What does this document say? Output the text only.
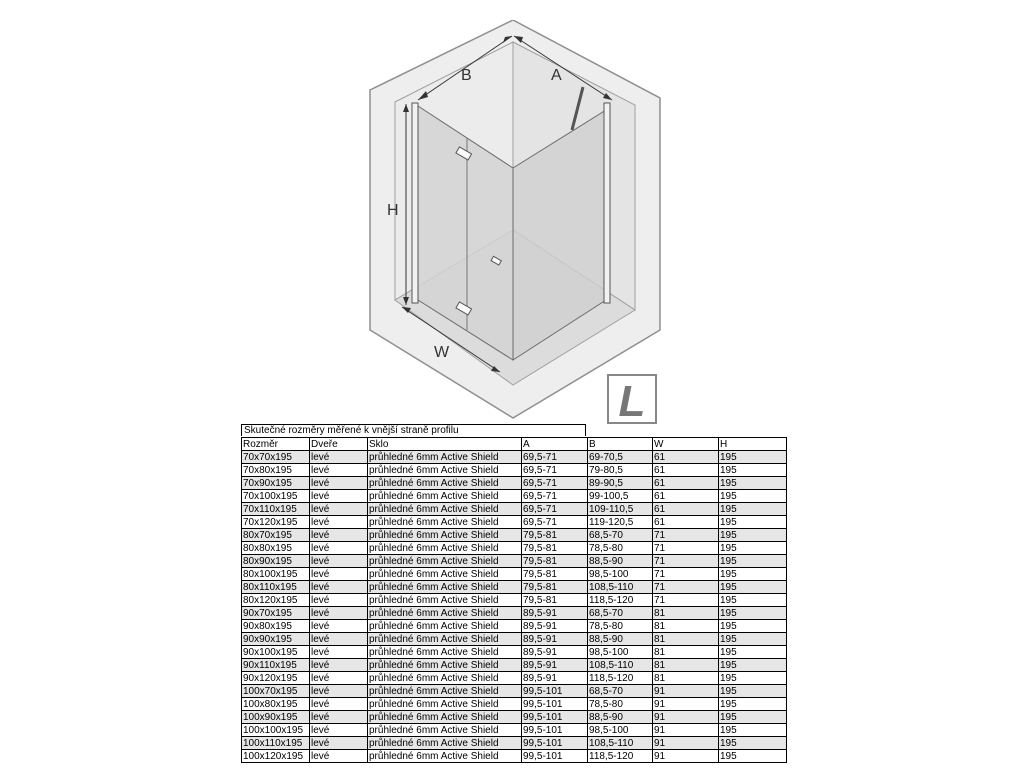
B	A
H
W
L
Skutečné rozměry měřené k vnější straně profilu
Rozměr	Dveře	Sklo	A	B	W	H
70x70x195	levé	průhledné 6mm Active Shield	69,5-71	69-70,5	61	195
70x80x195	levé	průhledné 6mm Active Shield	69,5-71	79-80,5	61	195
70x90x195	levé	průhledné 6mm Active Shield	69,5-71	89-90,5	61	195
70x100x195	levé	průhledné 6mm Active Shield	69,5-71	99-100,5	61	195
70x110x195	levé	průhledné 6mm Active Shield	69,5-71	109-110,5	61	195
70x120x195	levé	průhledné 6mm Active Shield	69,5-71	119-120,5	61	195
80x70x195	levé	průhledné 6mm Active Shield	79,5-81	68,5-70	71	195
80x80x195	levé	průhledné 6mm Active Shield	79,5-81	78,5-80	71	195
80x90x195	levé	průhledné 6mm Active Shield	79,5-81	88,5-90	71	195
80x100x195	levé	průhledné 6mm Active Shield	79,5-81	98,5-100	71	195
80x110x195	levé	průhledné 6mm Active Shield	79,5-81	108,5-110	71	195
80x120x195	levé	průhledné 6mm Active Shield	79,5-81	118,5-120	71	195
90x70x195	levé	průhledné 6mm Active Shield	89,5-91	68,5-70	81	195
90x80x195	levé	průhledné 6mm Active Shield	89,5-91	78,5-80	81	195
90x90x195	levé	průhledné 6mm Active Shield	89,5-91	88,5-90	81	195
90x100x195	levé	průhledné 6mm Active Shield	89,5-91	98,5-100	81	195
90x110x195	levé	průhledné 6mm Active Shield	89,5-91	108,5-110	81	195
90x120x195	levé	průhledné 6mm Active Shield	89,5-91	118,5-120	81	195
100x70x195	levé	průhledné 6mm Active Shield	99,5-101	68,5-70	91	195
100x80x195	levé	průhledné 6mm Active Shield	99,5-101	78,5-80	91	195
100x90x195	levé	průhledné 6mm Active Shield	99,5-101	88,5-90	91	195
100x100x195	levé	průhledné 6mm Active Shield	99,5-101	98,5-100	91	195
100x110x195	levé	průhledné 6mm Active Shield	99,5-101	108,5-110	91	195
100x120x195	levé	průhledné 6mm Active Shield	99,5-101	118,5-120	91	195
